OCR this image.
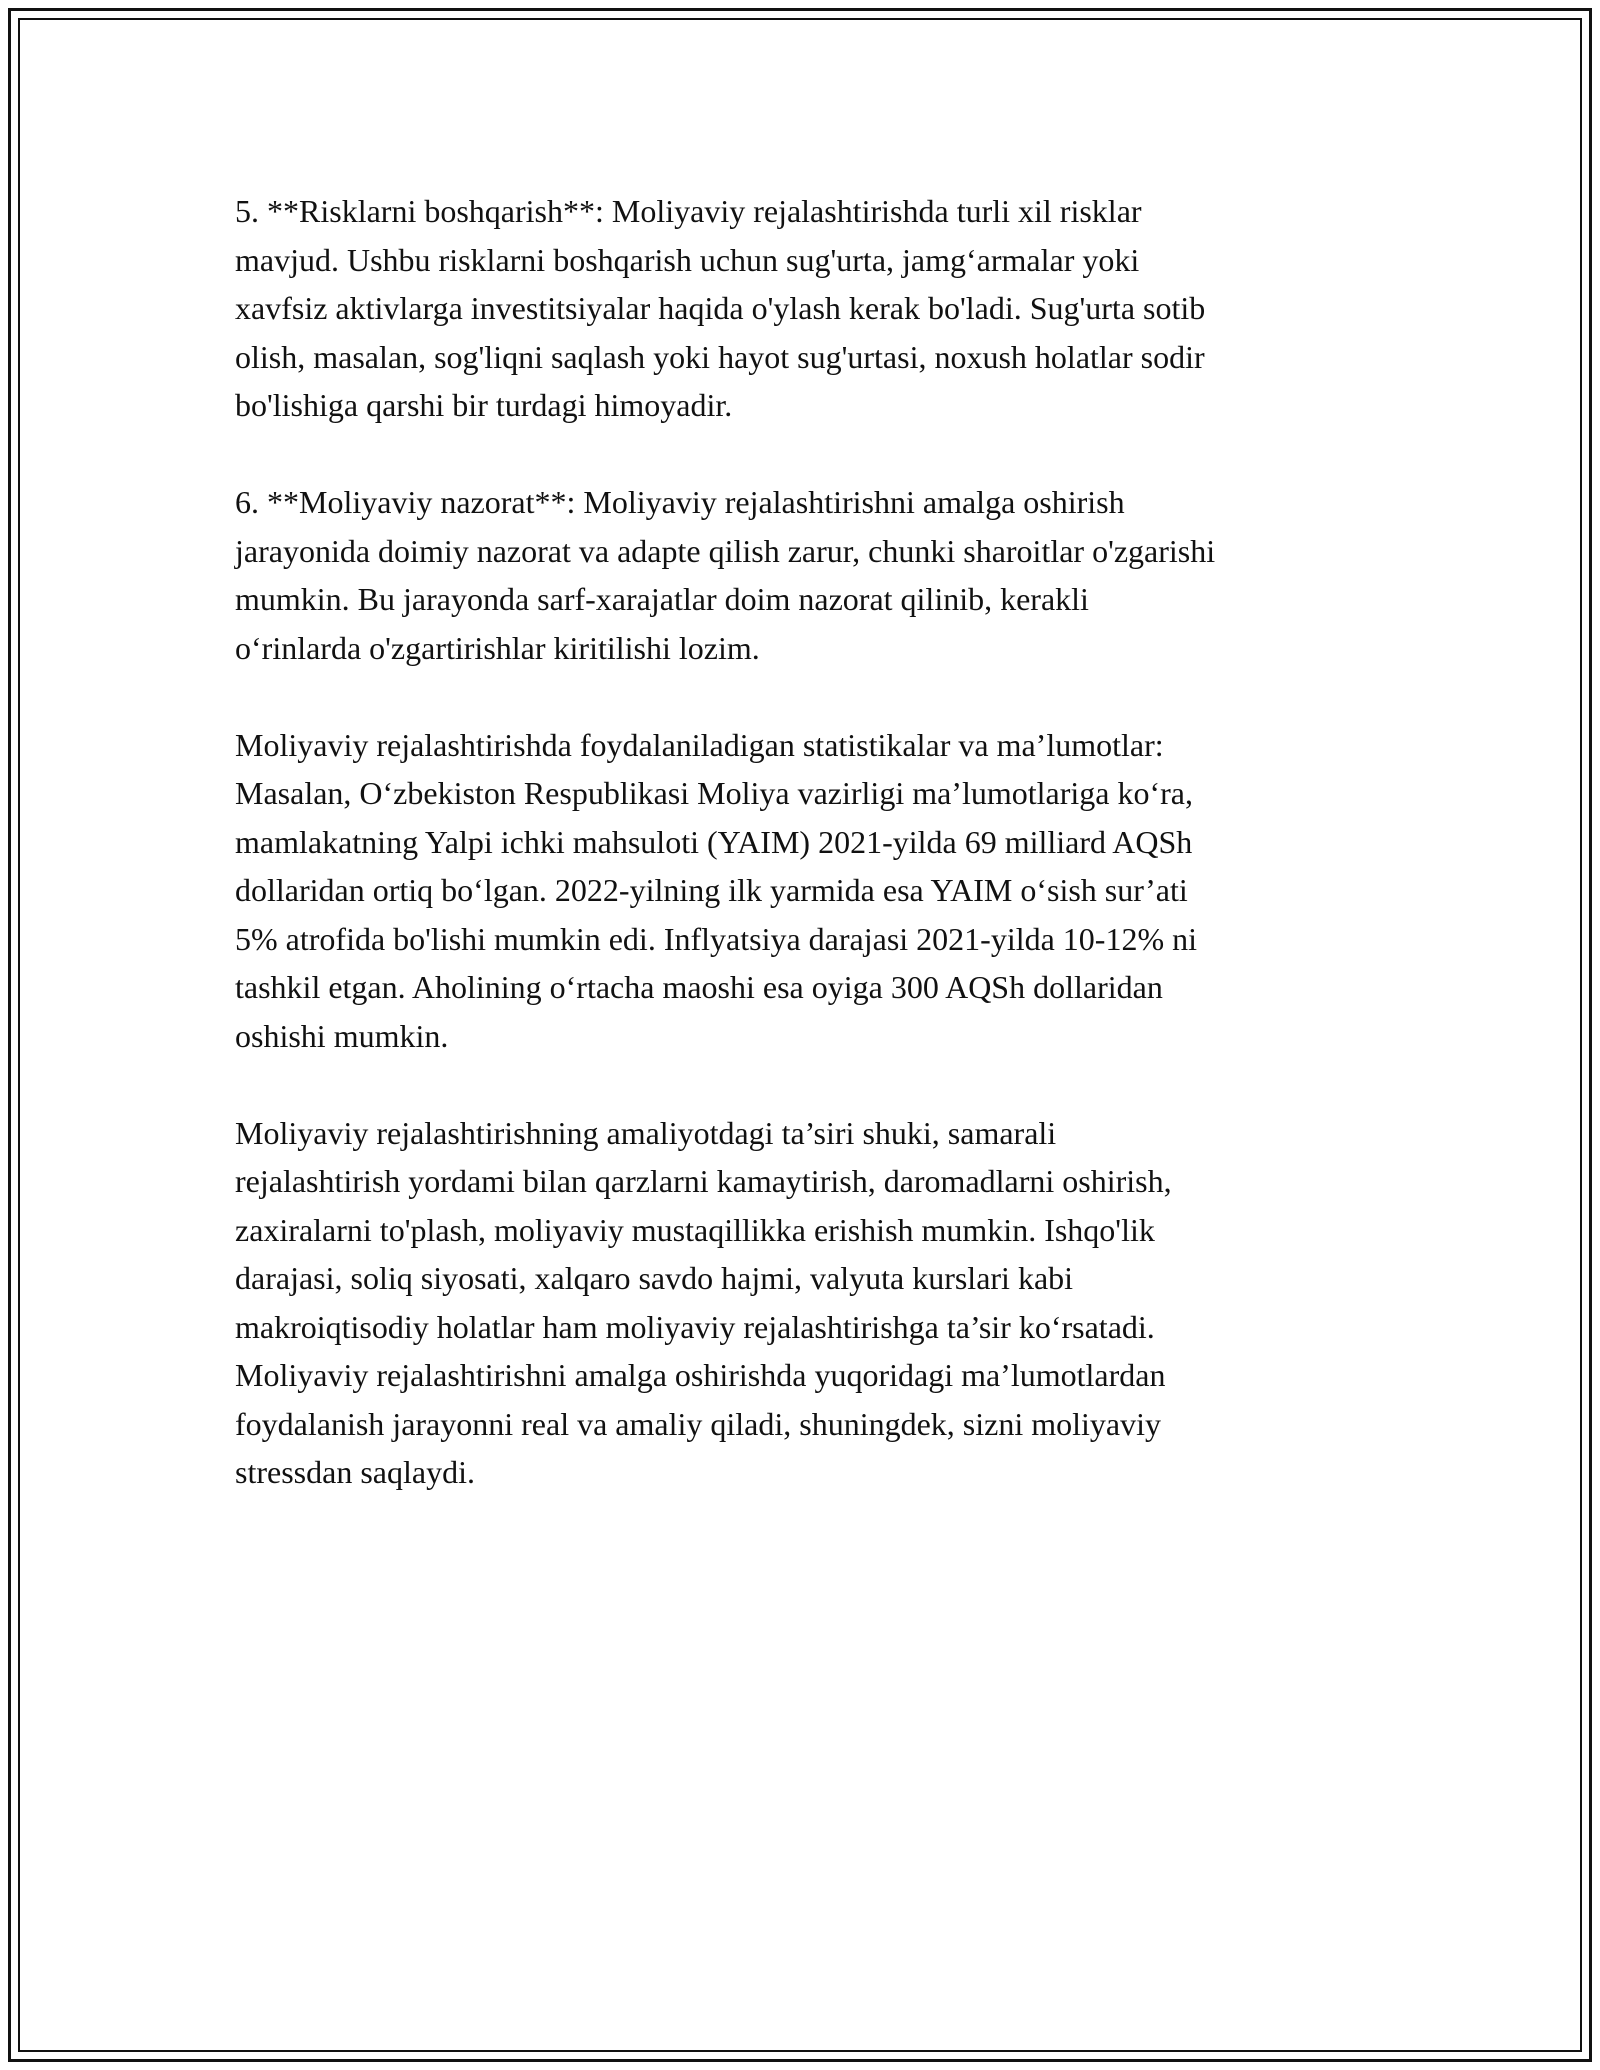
5. **Risklarni boshqarish**: Moliyaviy rejalashtirishda turli xil risklar
mavjud. Ushbu risklarni boshqarish uchun sug'urta, jamg‘armalar yoki
xavfsiz aktivlarga investitsiyalar haqida o'ylash kerak bo'ladi. Sug'urta sotib
olish, masalan, sog'liqni saqlash yoki hayot sug'urtasi, noxush holatlar sodir
bo'lishiga qarshi bir turdagi himoyadir.

6. **Moliyaviy nazorat**: Moliyaviy rejalashtirishni amalga oshirish
jarayonida doimiy nazorat va adapte qilish zarur, chunki sharoitlar o'zgarishi
mumkin. Bu jarayonda sarf-xarajatlar doim nazorat qilinib, kerakli
o‘rinlarda o'zgartirishlar kiritilishi lozim.

Moliyaviy rejalashtirishda foydalaniladigan statistikalar va ma’lumotlar:
Masalan, O‘zbekiston Respublikasi Moliya vazirligi ma’lumotlariga ko‘ra,
mamlakatning Yalpi ichki mahsuloti (YAIM) 2021-yilda 69 milliard AQSh
dollaridan ortiq bo‘lgan. 2022-yilning ilk yarmida esa YAIM o‘sish sur’ati
5% atrofida bo'lishi mumkin edi. Inflyatsiya darajasi 2021-yilda 10-12% ni
tashkil etgan. Aholining o‘rtacha maoshi esa oyiga 300 AQSh dollaridan
oshishi mumkin.

Moliyaviy rejalashtirishning amaliyotdagi ta’siri shuki, samarali
rejalashtirish yordami bilan qarzlarni kamaytirish, daromadlarni oshirish,
zaxiralarni to'plash, moliyaviy mustaqillikka erishish mumkin. Ishqo'lik
darajasi, soliq siyosati, xalqaro savdo hajmi, valyuta kurslari kabi
makroiqtisodiy holatlar ham moliyaviy rejalashtirishga ta’sir ko‘rsatadi.
Moliyaviy rejalashtirishni amalga oshirishda yuqoridagi ma’lumotlardan
foydalanish jarayonni real va amaliy qiladi, shuningdek, sizni moliyaviy
stressdan saqlaydi.
